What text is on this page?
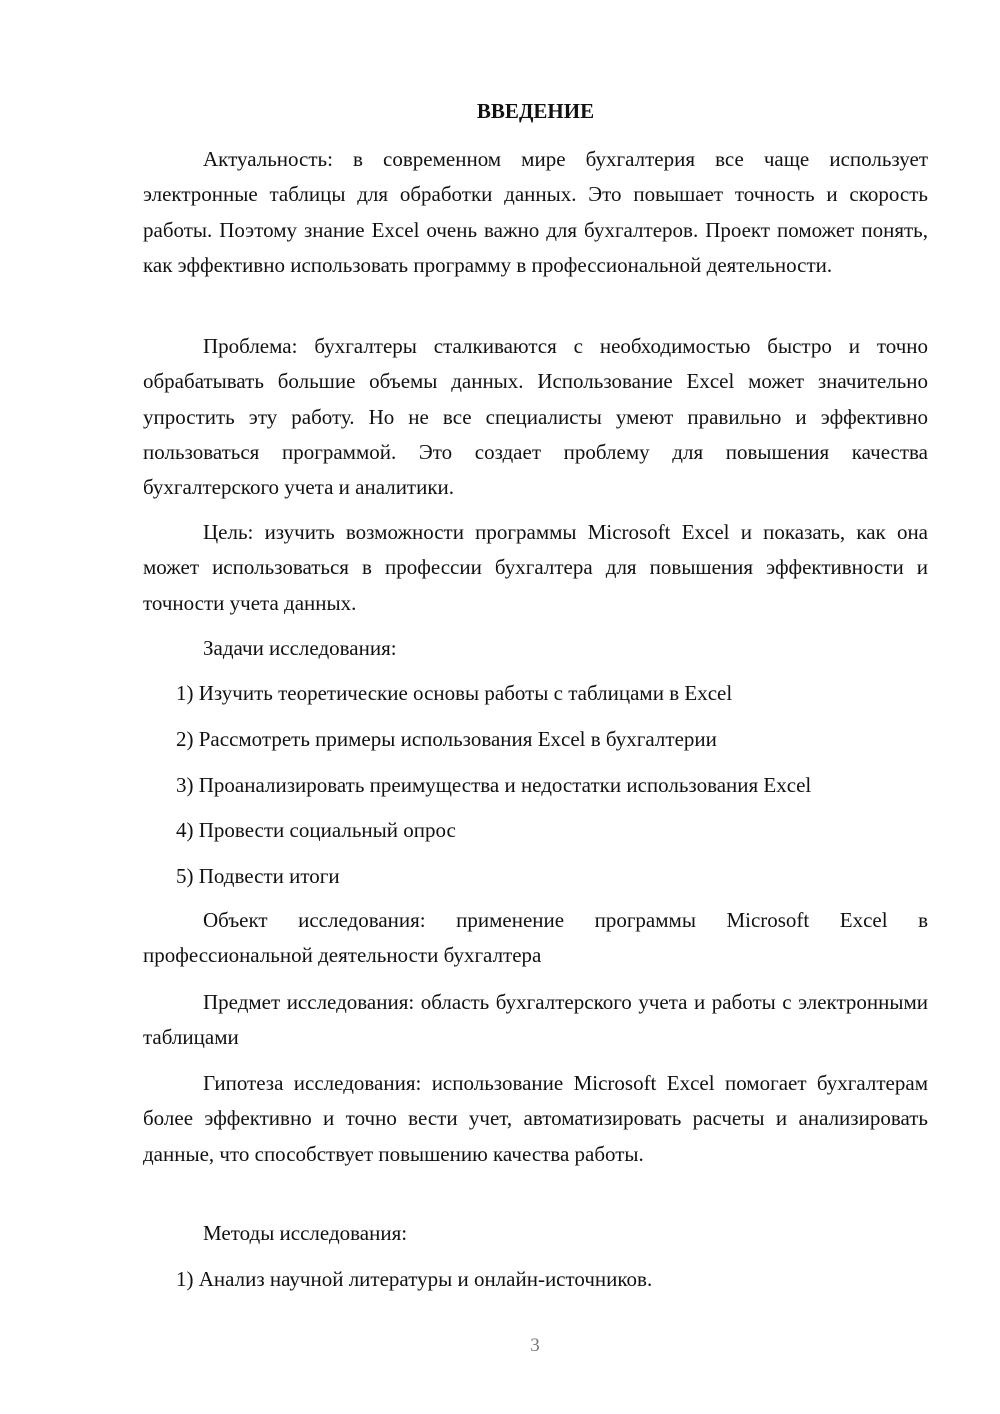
ВВЕДЕНИЕ

Актуальность: в современном мире бухгалтерия все чаще использует электронные таблицы для обработки данных. Это повышает точность и скорость работы. Поэтому знание Excel очень важно для бухгалтеров. Проект поможет понять, как эффективно использовать программу в профессиональной деятельности.

Проблема: бухгалтеры сталкиваются с необходимостью быстро и точно обрабатывать большие объемы данных. Использование Excel может значительно упростить эту работу. Но не все специалисты умеют правильно и эффективно пользоваться программой. Это создает проблему для повышения качества бухгалтерского учета и аналитики.

Цель: изучить возможности программы Microsoft Excel и показать, как она может использоваться в профессии бухгалтера для повышения эффективности и точности учета данных.

Задачи исследования:

1) Изучить теоретические основы работы с таблицами в Excel

2) Рассмотреть примеры использования Excel в бухгалтерии

3) Проанализировать преимущества и недостатки использования Excel

4) Провести социальный опрос

5) Подвести итоги

Объект исследования: применение программы Microsoft Excel в профессиональной деятельности бухгалтера

Предмет исследования: область бухгалтерского учета и работы с электронными таблицами

Гипотеза исследования: использование Microsoft Excel помогает бухгалтерам более эффективно и точно вести учет, автоматизировать расчеты и анализировать данные, что способствует повышению качества работы.

Методы исследования:

1) Анализ научной литературы и онлайн-источников.

3
